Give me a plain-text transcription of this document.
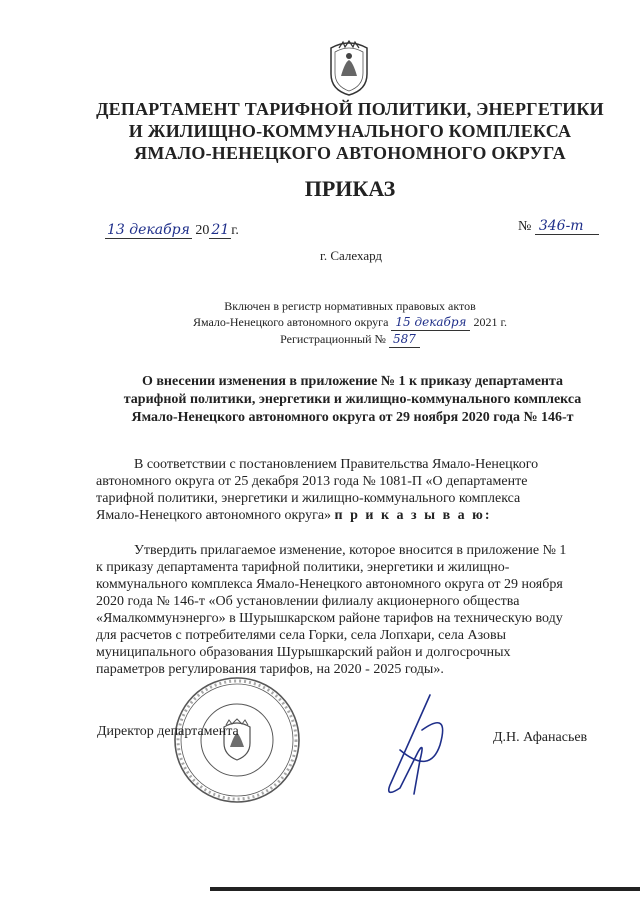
ДЕПАРТАМЕНТ ТАРИФНОЙ ПОЛИТИКИ, ЭНЕРГЕТИКИ
И ЖИЛИЩНО-КОММУНАЛЬНОГО КОМПЛЕКСА
ЯМАЛО-НЕНЕЦКОГО АВТОНОМНОГО ОКРУГА
ПРИКАЗ
13 декабря 20 21 г.	№ 346-т
г. Салехард
Включен в регистр нормативных правовых актов
Ямало-Ненецкого автономного округа 15 декабря 2021 г.
Регистрационный № 587
О внесении изменения в приложение № 1 к приказу департамента
тарифной политики, энергетики и жилищно-коммунального комплекса
Ямало-Ненецкого автономного округа от 29 ноября 2020 года № 146-т
В соответствии с постановлением Правительства Ямало-Ненецкого
автономного округа от 25 декабря 2013 года № 1081-П «О департаменте
тарифной политики, энергетики и жилищно-коммунального комплекса
Ямало-Ненецкого автономного округа» п р и к а з ы в а ю:
Утвердить прилагаемое изменение, которое вносится в приложение № 1
к приказу департамента тарифной политики, энергетики и жилищно-
коммунального комплекса Ямало-Ненецкого автономного округа от 29 ноября
2020 года № 146-т «Об установлении филиалу акционерного общества
«Ямалкоммунэнерго» в Шурышкарском районе тарифов на техническую воду
для расчетов с потребителями села Горки, села Лопхари, села Азовы
муниципального образования Шурышкарский район и долгосрочных
параметров регулирования тарифов, на 2020 - 2025 годы».
Директор департамента	Д.Н. Афанасьев
